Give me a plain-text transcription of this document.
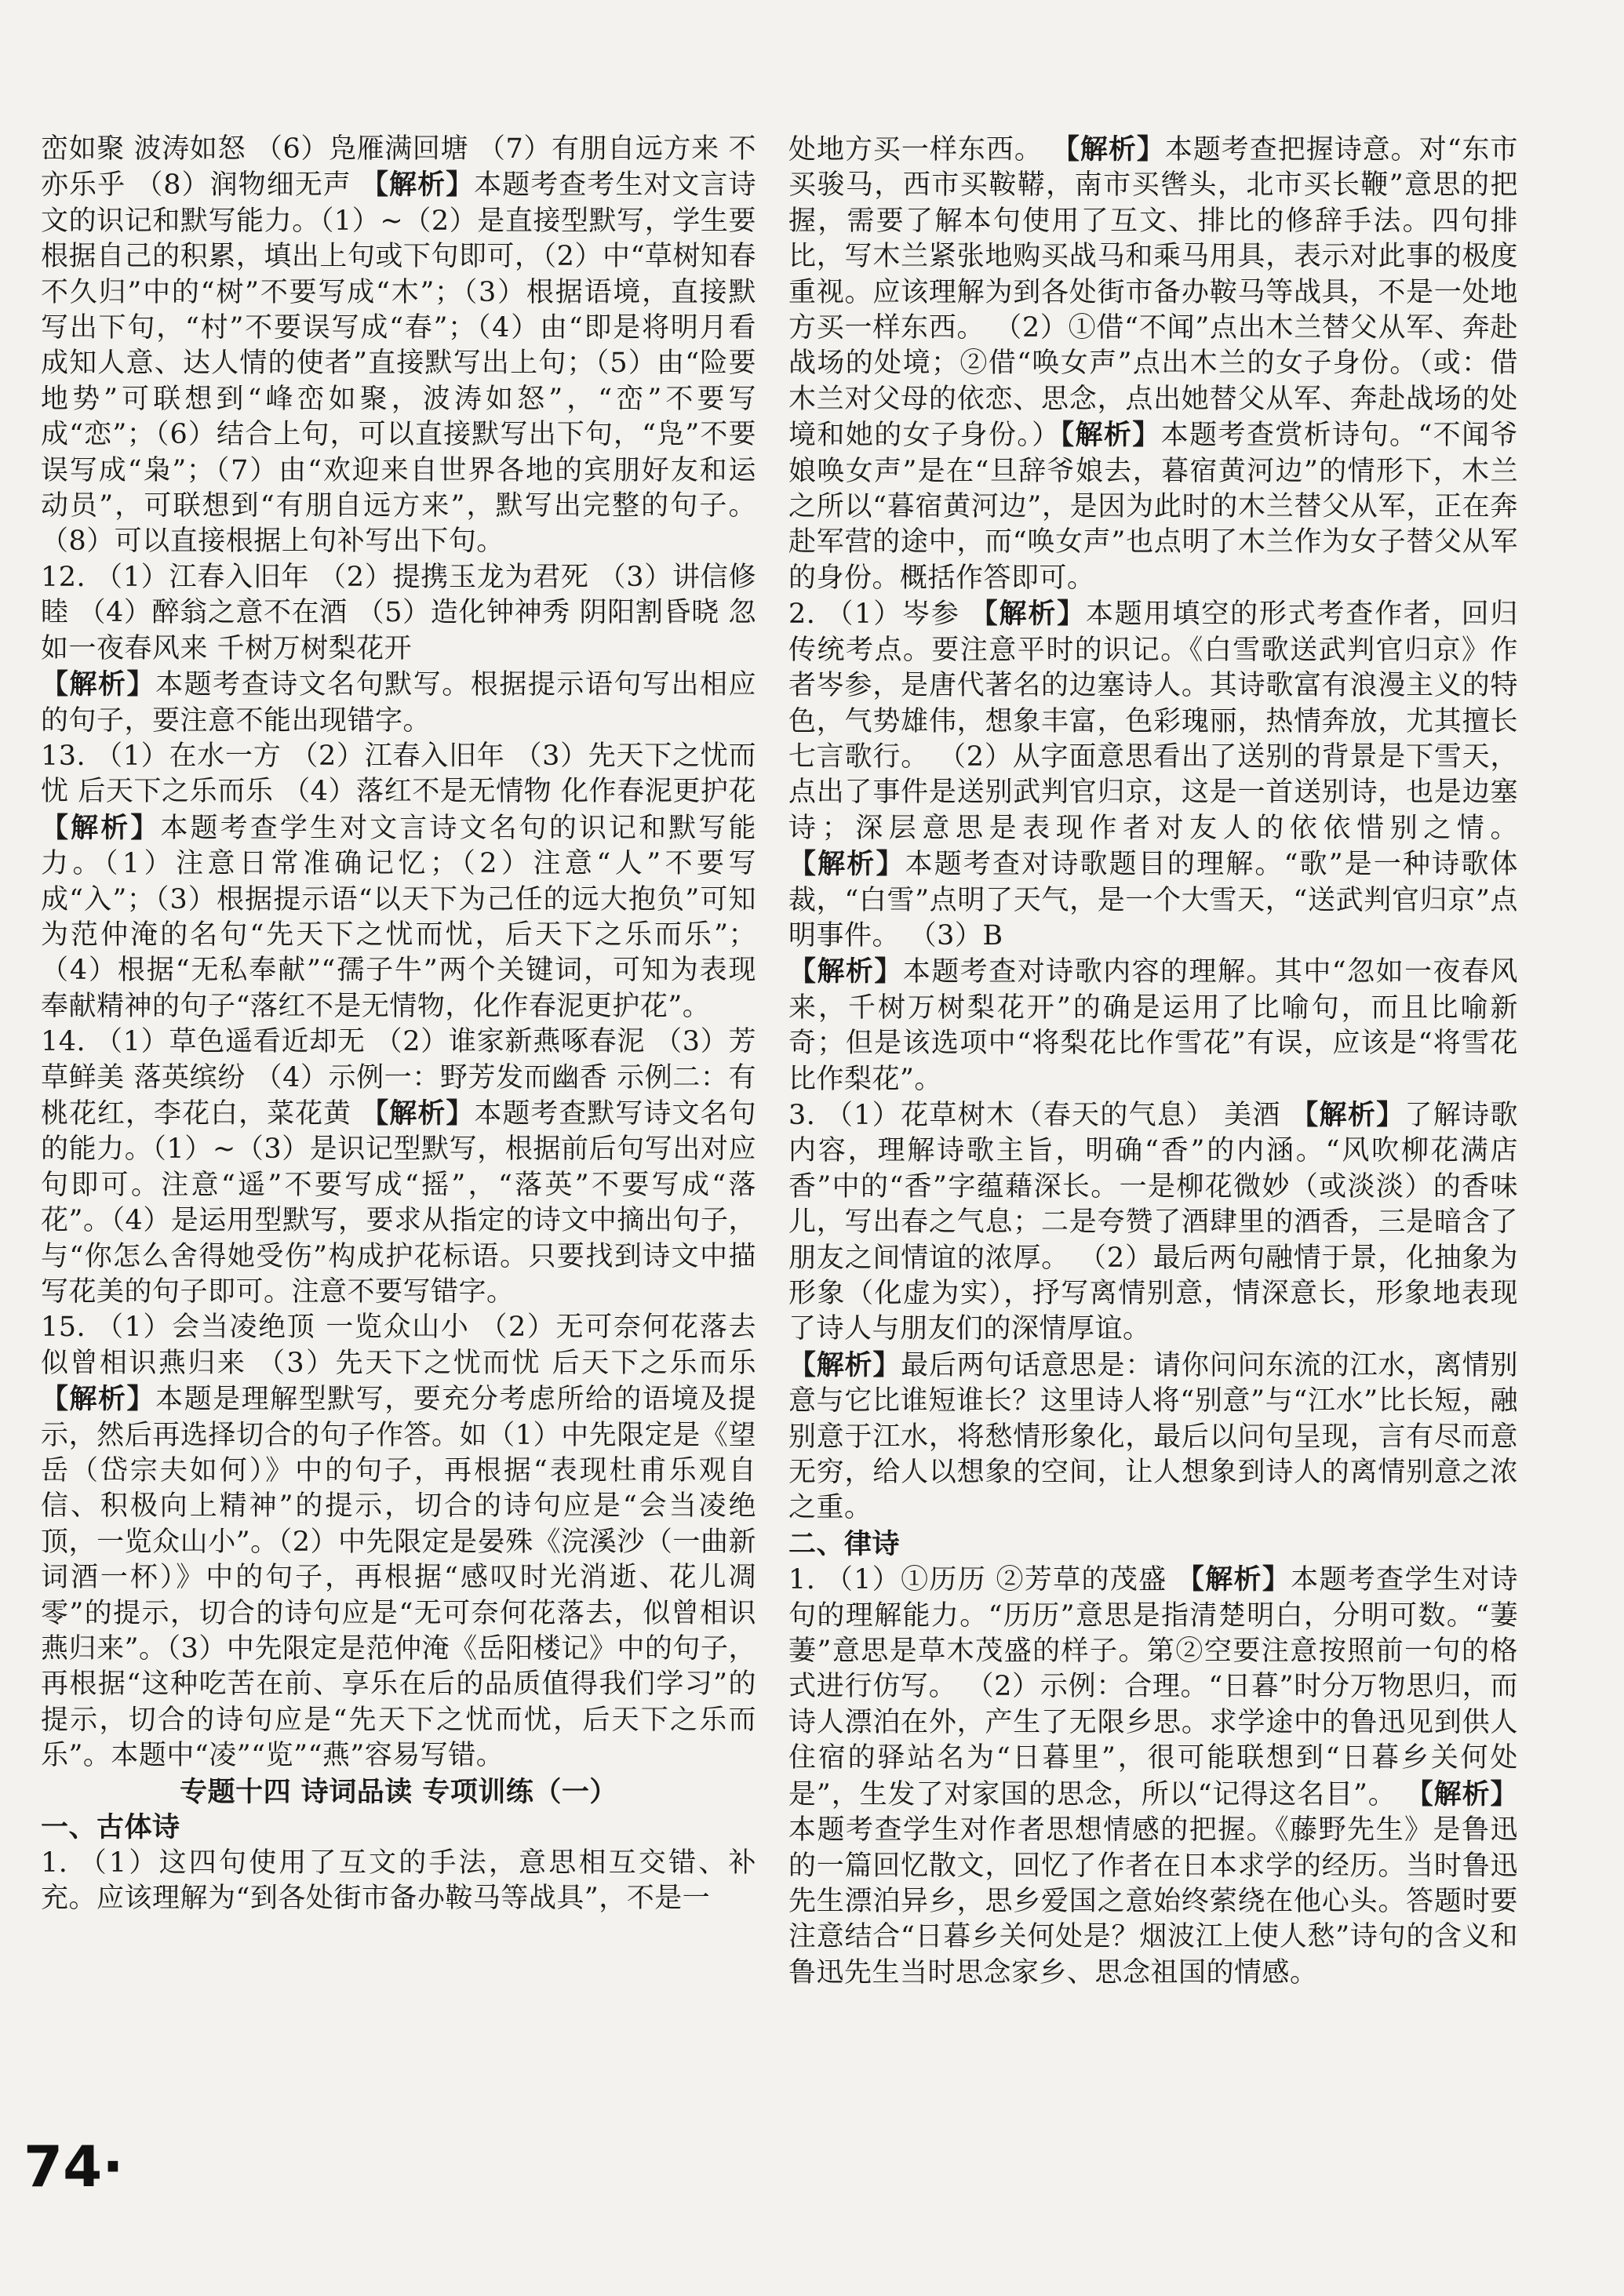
峦如聚 波涛如怒 （6）凫雁满回塘 （7）有朋自远方来 不亦乐乎 （8）润物细无声 【解析】本题考查考生对文言诗文的识记和默写能力。（1）~（2）是直接型默写，学生要根据自己的积累，填出上句或下句即可，（2）中“草树知春不久归”中的“树”不要写成“木”；（3）根据语境，直接默写出下句，“村”不要误写成“春”；（4）由“即是将明月看成知人意、达人情的使者”直接默写出上句；（5）由“险要地势”可联想到“峰峦如聚，波涛如怒”，“峦”不要写成“恋”；（6）结合上句，可以直接默写出下句，“凫”不要误写成“枭”；（7）由“欢迎来自世界各地的宾朋好友和运动员”，可联想到“有朋自远方来”，默写出完整的句子。（8）可以直接根据上句补写出下句。

12. （1）江春入旧年 （2）提携玉龙为君死 （3）讲信修睦 （4）醉翁之意不在酒 （5）造化钟神秀 阴阳割昏晓 忽如一夜春风来 千树万树梨花开

【解析】本题考查诗文名句默写。根据提示语句写出相应的句子，要注意不能出现错字。

13. （1）在水一方 （2）江春入旧年 （3）先天下之忧而忧 后天下之乐而乐 （4）落红不是无情物 化作春泥更护花 【解析】本题考查学生对文言诗文名句的识记和默写能力。（1）注意日常准确记忆；（2）注意“人”不要写成“入”；（3）根据提示语“以天下为己任的远大抱负”可知为范仲淹的名句“先天下之忧而忧，后天下之乐而乐”；（4）根据“无私奉献”“孺子牛”两个关键词，可知为表现奉献精神的句子“落红不是无情物，化作春泥更护花”。

14. （1）草色遥看近却无 （2）谁家新燕啄春泥 （3）芳草鲜美 落英缤纷 （4）示例一：野芳发而幽香 示例二：有桃花红，李花白，菜花黄 【解析】本题考查默写诗文名句的能力。（1）~（3）是识记型默写，根据前后句写出对应句即可。注意“遥”不要写成“摇”，“落英”不要写成“落花”。（4）是运用型默写，要求从指定的诗文中摘出句子，与“你怎么舍得她受伤”构成护花标语。只要找到诗文中描写花美的句子即可。注意不要写错字。

15. （1）会当凌绝顶 一览众山小 （2）无可奈何花落去 似曾相识燕归来 （3）先天下之忧而忧 后天下之乐而乐 【解析】本题是理解型默写，要充分考虑所给的语境及提示，然后再选择切合的句子作答。如（1）中先限定是《望岳（岱宗夫如何）》中的句子，再根据“表现杜甫乐观自信、积极向上精神”的提示，切合的诗句应是“会当凌绝顶，一览众山小”。（2）中先限定是晏殊《浣溪沙（一曲新词酒一杯）》中的句子，再根据“感叹时光消逝、花儿凋零”的提示，切合的诗句应是“无可奈何花落去，似曾相识燕归来”。（3）中先限定是范仲淹《岳阳楼记》中的句子，再根据“这种吃苦在前、享乐在后的品质值得我们学习”的提示，切合的诗句应是“先天下之忧而忧，后天下之乐而乐”。本题中“凌”“览”“燕”容易写错。

专题十四 诗词品读 专项训练（一）

一、古体诗

1. （1）这四句使用了互文的手法，意思相互交错、补充。应该理解为“到各处街市备办鞍马等战具”，不是一

处地方买一样东西。 【解析】本题考查把握诗意。对“东市买骏马，西市买鞍鞯，南市买辔头，北市买长鞭”意思的把握，需要了解本句使用了互文、排比的修辞手法。四句排比，写木兰紧张地购买战马和乘马用具，表示对此事的极度重视。应该理解为到各处街市备办鞍马等战具，不是一处地方买一样东西。 （2）①借“不闻”点出木兰替父从军、奔赴战场的处境；②借“唤女声”点出木兰的女子身份。（或：借木兰对父母的依恋、思念，点出她替父从军、奔赴战场的处境和她的女子身份。）【解析】本题考查赏析诗句。“不闻爷娘唤女声”是在“旦辞爷娘去，暮宿黄河边”的情形下，木兰之所以“暮宿黄河边”，是因为此时的木兰替父从军，正在奔赴军营的途中，而“唤女声”也点明了木兰作为女子替父从军的身份。概括作答即可。

2. （1）岑参 【解析】本题用填空的形式考查作者，回归传统考点。要注意平时的识记。《白雪歌送武判官归京》作者岑参，是唐代著名的边塞诗人。其诗歌富有浪漫主义的特色，气势雄伟，想象丰富，色彩瑰丽，热情奔放，尤其擅长七言歌行。 （2）从字面意思看出了送别的背景是下雪天，点出了事件是送别武判官归京，这是一首送别诗，也是边塞诗；深层意思是表现作者对友人的依依惜别之情。 【解析】本题考查对诗歌题目的理解。“歌”是一种诗歌体裁，“白雪”点明了天气，是一个大雪天，“送武判官归京”点明事件。 （3）B

【解析】本题考查对诗歌内容的理解。其中“忽如一夜春风来，千树万树梨花开”的确是运用了比喻句，而且比喻新奇；但是该选项中“将梨花比作雪花”有误，应该是“将雪花比作梨花”。

3. （1）花草树木（春天的气息） 美酒 【解析】了解诗歌内容，理解诗歌主旨，明确“香”的内涵。“风吹柳花满店香”中的“香”字蕴藉深长。一是柳花微妙（或淡淡）的香味儿，写出春之气息；二是夸赞了酒肆里的酒香，三是暗含了朋友之间情谊的浓厚。 （2）最后两句融情于景，化抽象为形象（化虚为实），抒写离情别意，情深意长，形象地表现了诗人与朋友们的深情厚谊。

【解析】最后两句话意思是：请你问问东流的江水，离情别意与它比谁短谁长？这里诗人将“别意”与“江水”比长短，融别意于江水，将愁情形象化，最后以问句呈现，言有尽而意无穷，给人以想象的空间，让人想象到诗人的离情别意之浓之重。

二、律诗

1. （1）①历历 ②芳草的茂盛 【解析】本题考查学生对诗句的理解能力。“历历”意思是指清楚明白，分明可数。“萋萋”意思是草木茂盛的样子。第②空要注意按照前一句的格式进行仿写。 （2）示例：合理。“日暮”时分万物思归，而诗人漂泊在外，产生了无限乡思。求学途中的鲁迅见到供人住宿的驿站名为“日暮里”，很可能联想到“日暮乡关何处是”，生发了对家国的思念，所以“记得这名目”。 【解析】本题考查学生对作者思想情感的把握。《藤野先生》是鲁迅的一篇回忆散文，回忆了作者在日本求学的经历。当时鲁迅先生漂泊异乡，思乡爱国之意始终萦绕在他心头。答题时要注意结合“日暮乡关何处是？烟波江上使人愁”诗句的含义和鲁迅先生当时思念家乡、思念祖国的情感。

74·
